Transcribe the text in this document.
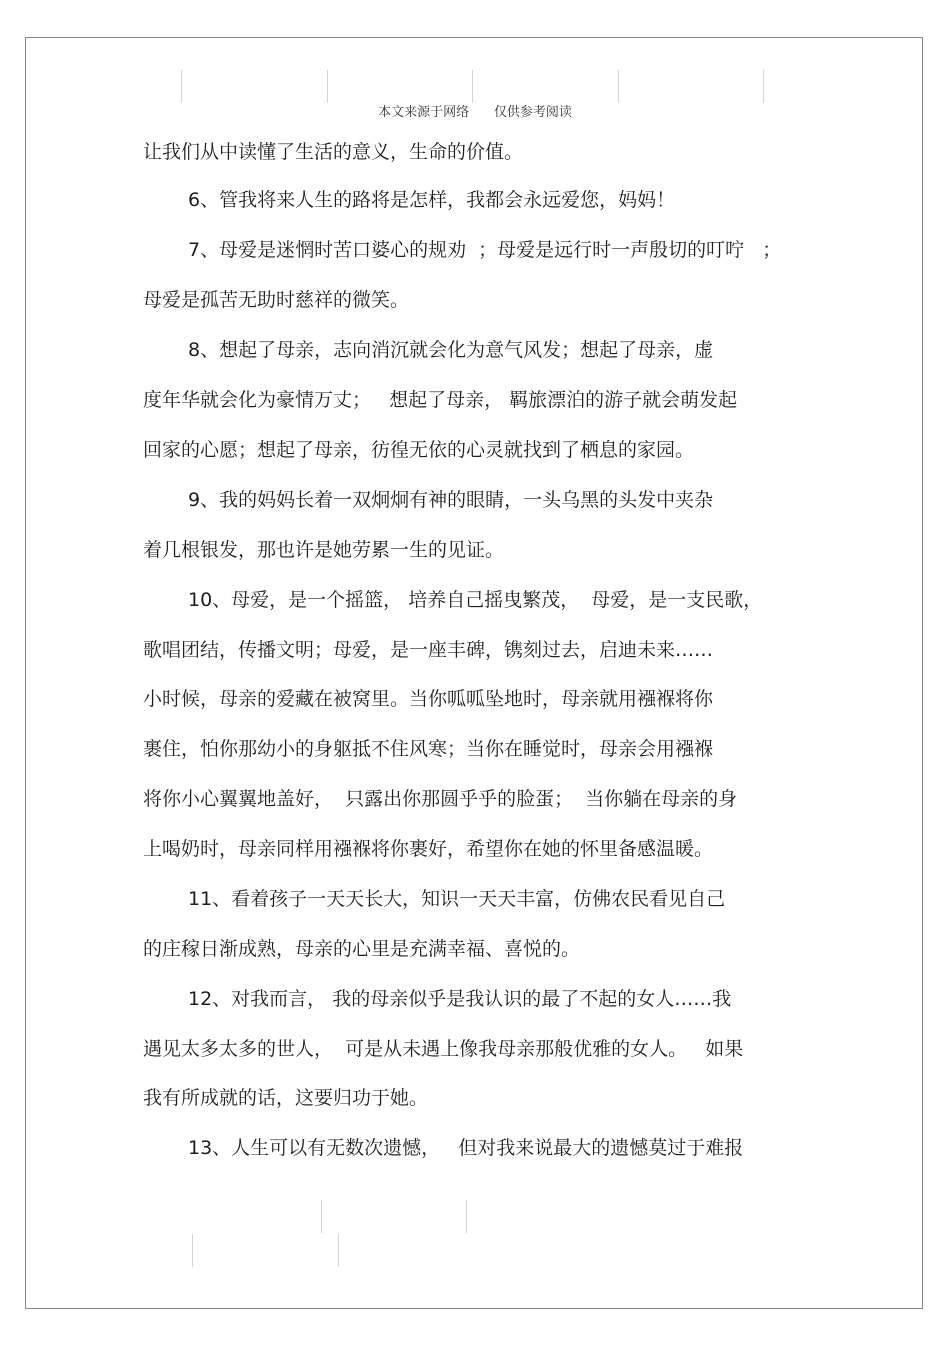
本文来源于网络      仅供参考阅读
让我们从中读懂了生活的意义，生命的价值。
6、管我将来人生的路将是怎样，我都会永远爱您，妈妈！
7、母爱是迷惘时苦口婆心的规劝  ；母爱是远行时一声殷切的叮咛   ；
母爱是孤苦无助时慈祥的微笑。
8、想起了母亲，志向消沉就会化为意气风发；想起了母亲，虚
度年华就会化为豪情万丈；   想起了母亲， 羁旅漂泊的游子就会萌发起
回家的心愿；想起了母亲，彷徨无依的心灵就找到了栖息的家园。
9、我的妈妈长着一双炯炯有神的眼睛，一头乌黑的头发中夹杂
着几根银发，那也许是她劳累一生的见证。
10、母爱，是一个摇篮， 培养自己摇曳繁茂，  母爱，是一支民歌，
歌唱团结，传播文明；母爱，是一座丰碑，镌刻过去，启迪未来……
小时候，母亲的爱藏在被窝里。当你呱呱坠地时，母亲就用襁褓将你
裹住，怕你那幼小的身躯抵不住风寒；当你在睡觉时，母亲会用襁褓
将你小心翼翼地盖好，  只露出你那圆乎乎的脸蛋；  当你躺在母亲的身
上喝奶时，母亲同样用襁褓将你裹好，希望你在她的怀里备感温暖。
11、看着孩子一天天长大，知识一天天丰富，仿佛农民看见自己
的庄稼日渐成熟，母亲的心里是充满幸福、喜悦的。
12、对我而言， 我的母亲似乎是我认识的最了不起的女人……我
遇见太多太多的世人，  可是从未遇上像我母亲那般优雅的女人。   如果
我有所成就的话，这要归功于她。
13、人生可以有无数次遗憾，   但对我来说最大的遗憾莫过于难报
